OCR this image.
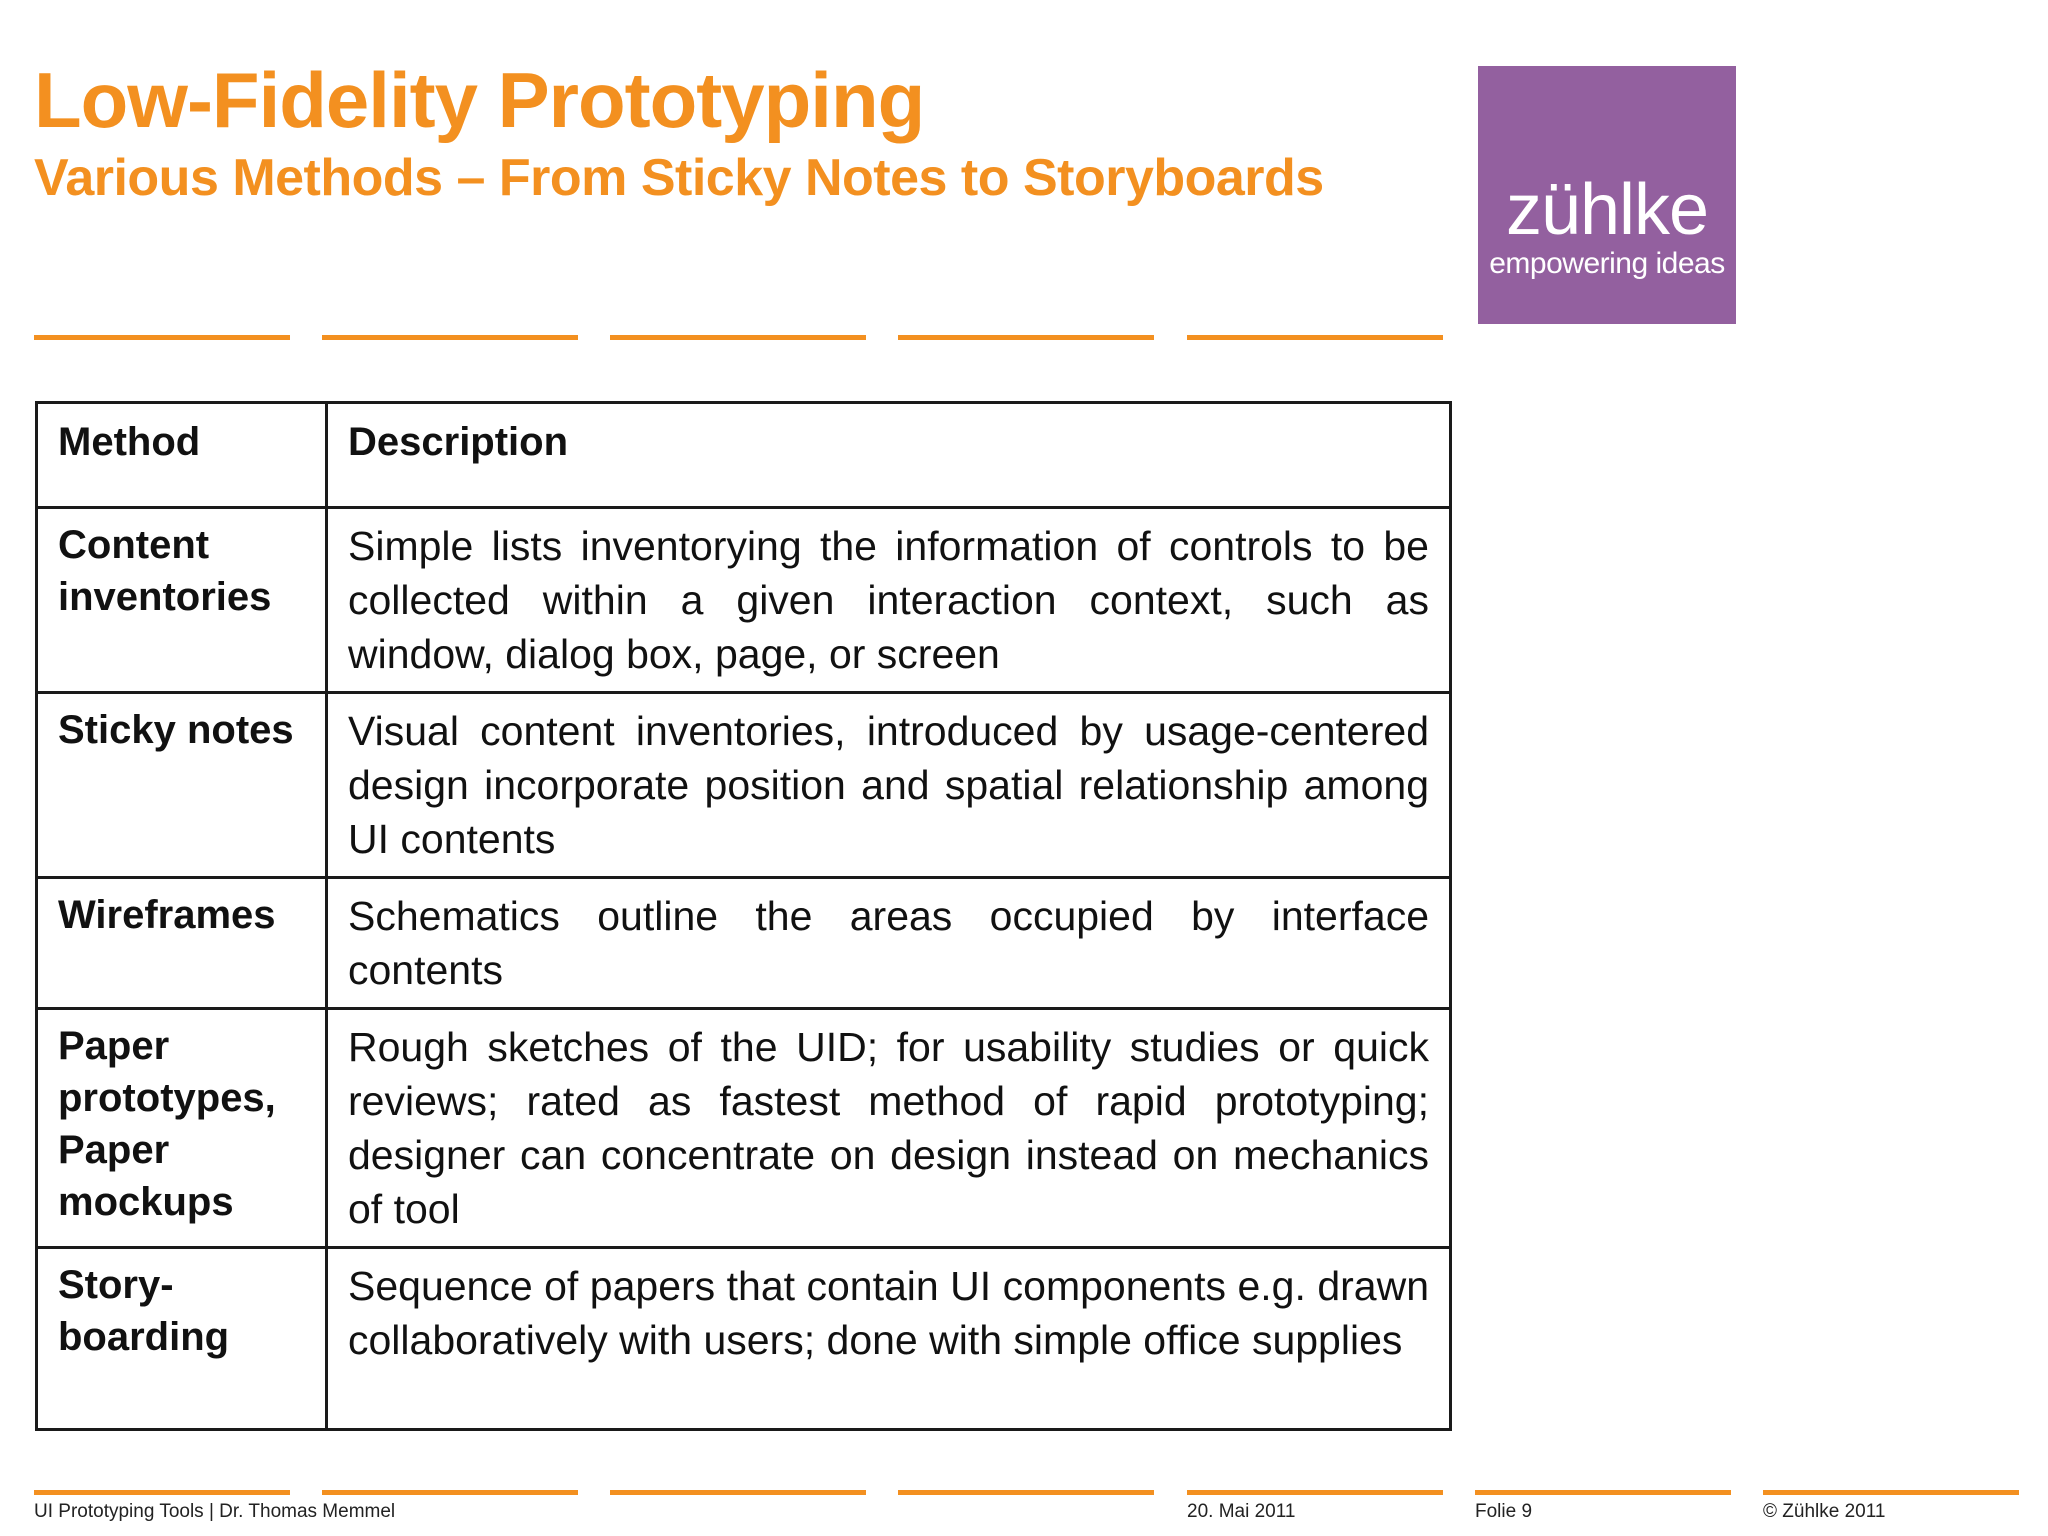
Low-Fidelity Prototyping
Various Methods – From Sticky Notes to Storyboards	zühlke
empowering ideas
Method	Description
Content inventories	Simple lists inventorying the information of controls to be collected within a given interaction context, such as window, dialog box, page, or screen
Sticky notes	Visual content inventories, introduced by usage-centered design incorporate position and spatial relationship among UI contents
Wireframes	Schematics outline the areas occupied by interface contents
Paper prototypes, Paper mockups	Rough sketches of the UID; for usability studies or quick reviews; rated as fastest method of rapid prototyping; designer can concentrate on design instead on mechanics of tool
Story-boarding	Sequence of papers that contain UI components e.g. drawn collaboratively with users; done with simple office supplies
UI Prototyping Tools | Dr. Thomas Memmel	20. Mai 2011	Folie 9	© Zühlke 2011
